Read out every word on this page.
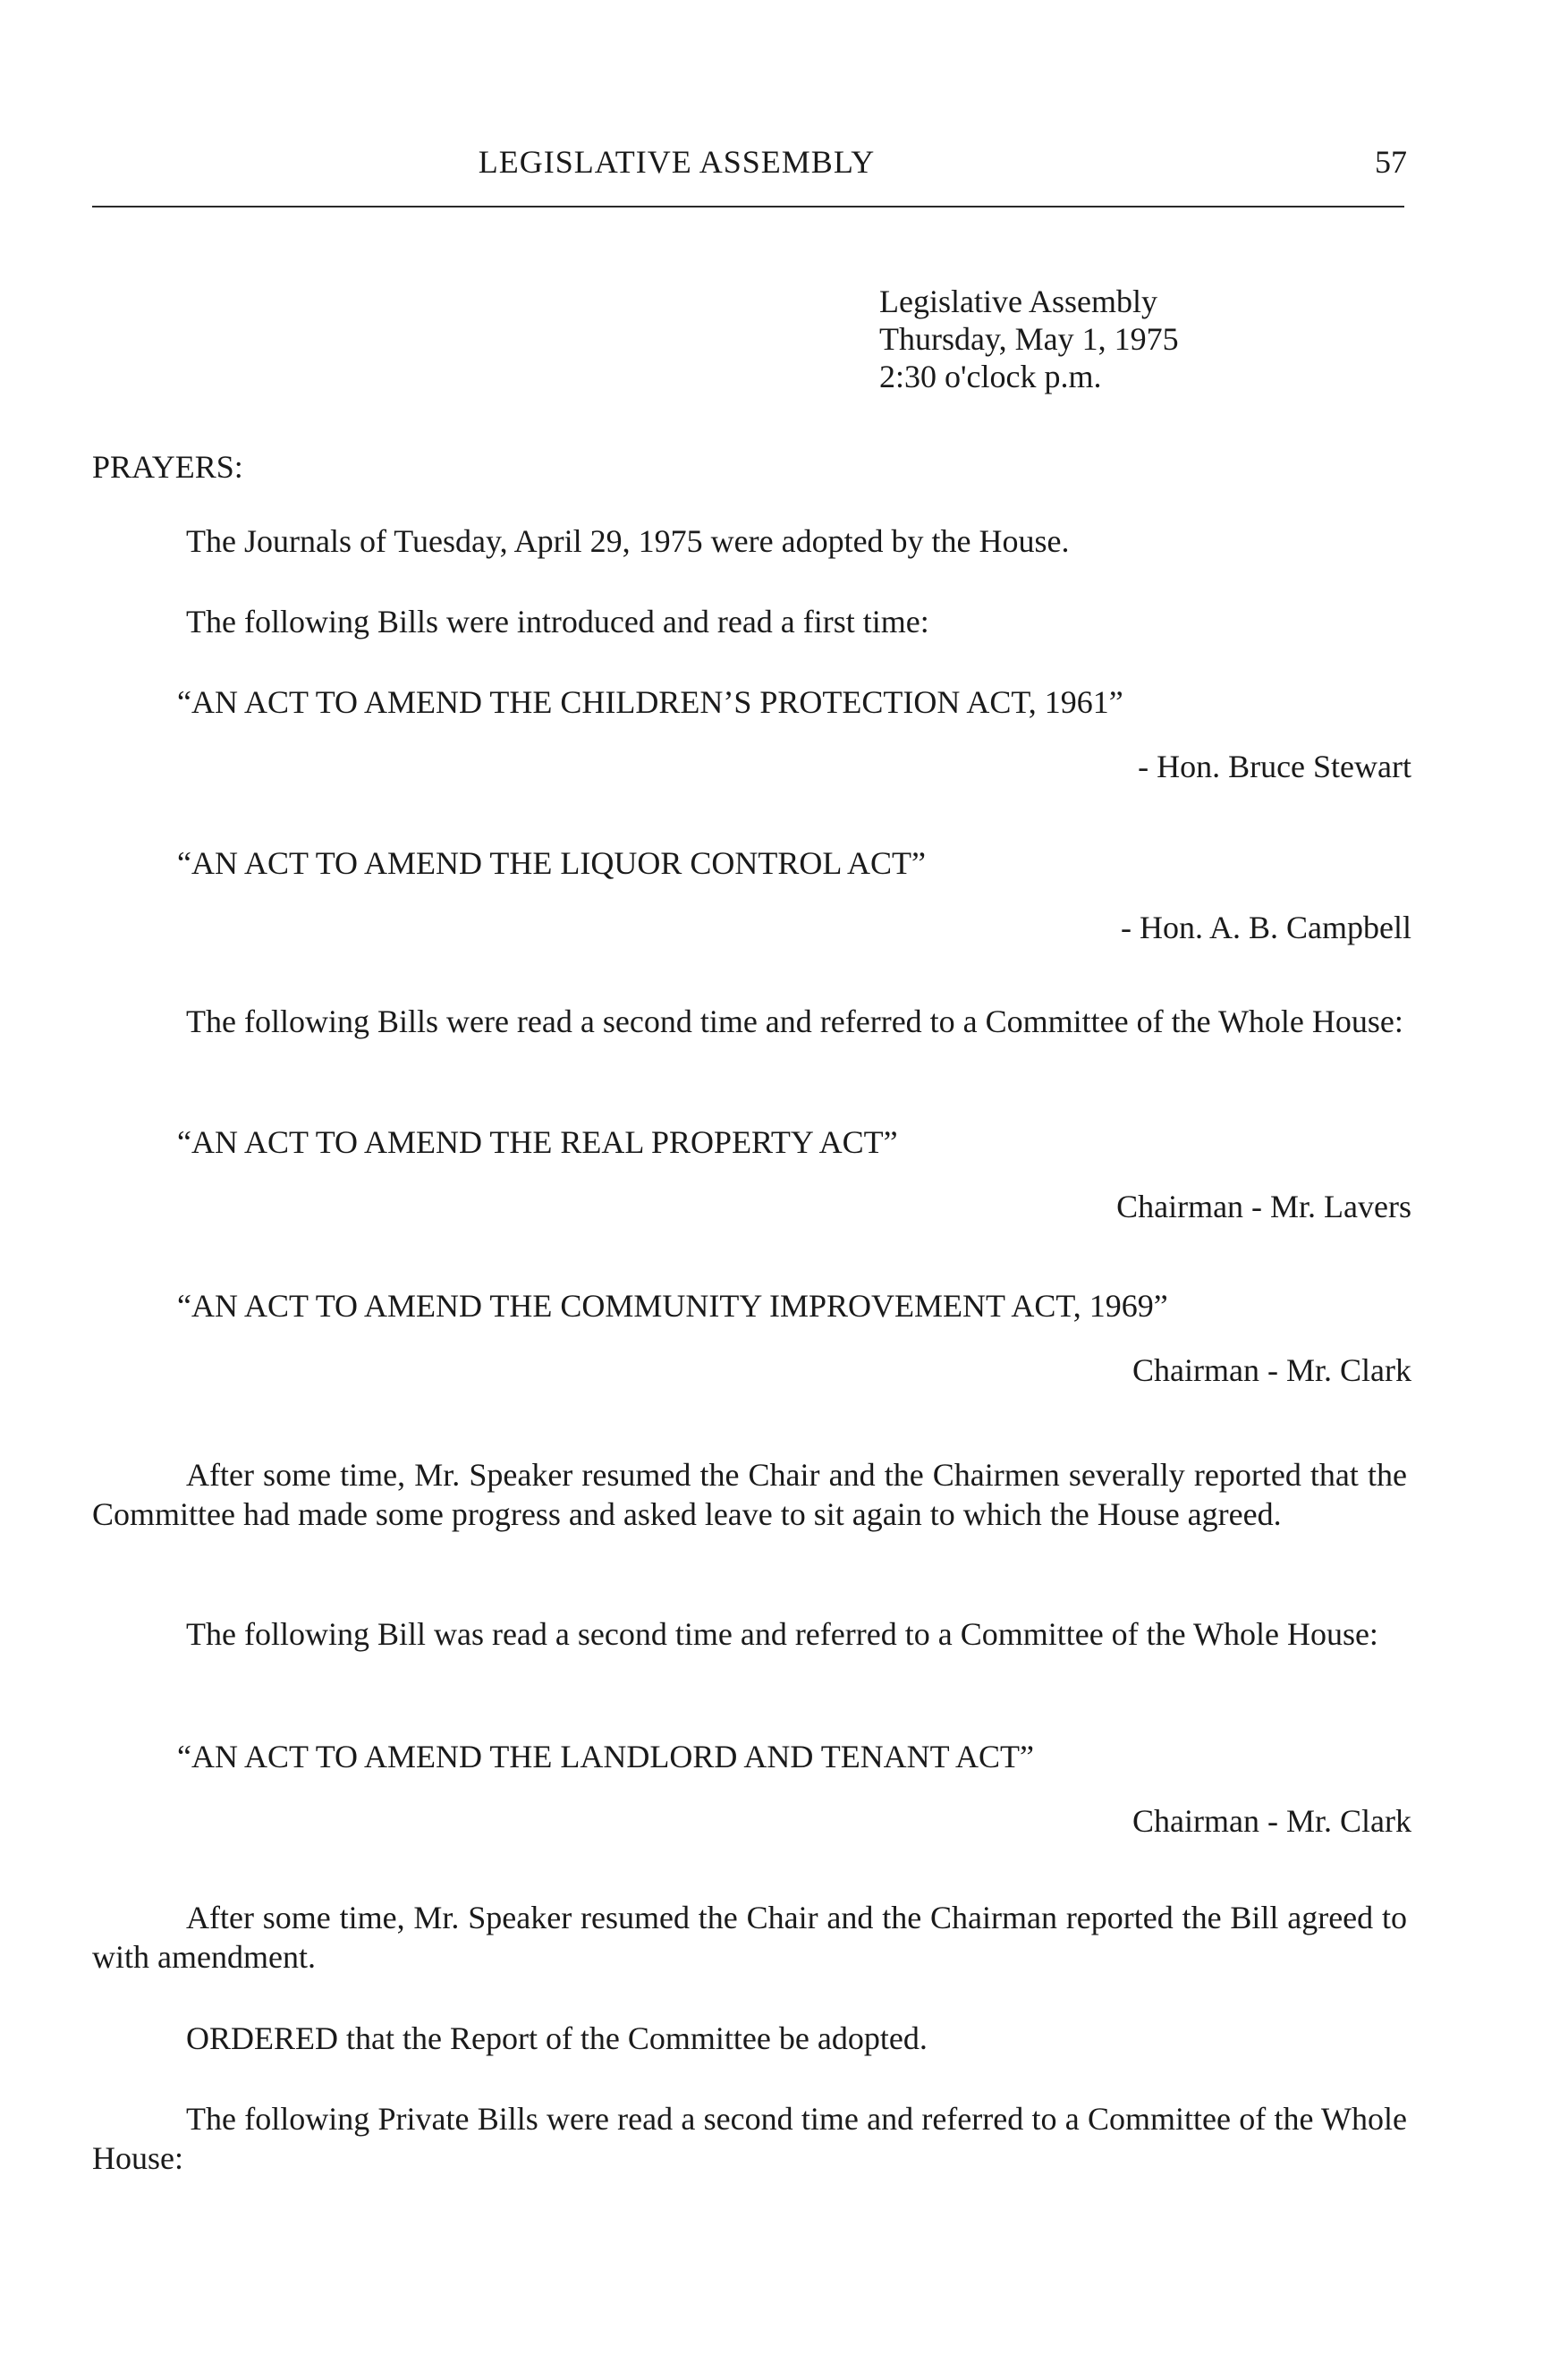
LEGISLATIVE ASSEMBLY	57
Legislative Assembly
Thursday, May 1, 1975
2:30 o'clock p.m.
PRAYERS:
The Journals of Tuesday, April 29, 1975 were adopted by the House.
The following Bills were introduced and read a first time:
“AN ACT TO AMEND THE CHILDREN’S PROTECTION ACT, 1961”
- Hon. Bruce Stewart
“AN ACT TO AMEND THE LIQUOR CONTROL ACT”
- Hon. A. B. Campbell
The following Bills were read a second time and referred to a Committee of the Whole House:
“AN ACT TO AMEND THE REAL PROPERTY ACT”
Chairman - Mr. Lavers
“AN ACT TO AMEND THE COMMUNITY IMPROVEMENT ACT, 1969”
Chairman - Mr. Clark
After some time, Mr. Speaker resumed the Chair and the Chairmen severally reported that the Committee had made some progress and asked leave to sit again to which the House agreed.
The following Bill was read a second time and referred to a Committee of the Whole House:
“AN ACT TO AMEND THE LANDLORD AND TENANT ACT”
Chairman - Mr. Clark
After some time, Mr. Speaker resumed the Chair and the Chairman reported the Bill agreed to with amendment.
ORDERED that the Report of the Committee be adopted.
The following Private Bills were read a second time and referred to a Committee of the Whole House:
